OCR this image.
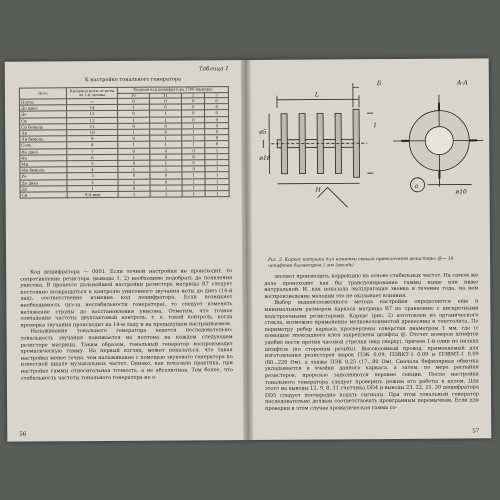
Таблица 1
К настройке тонального генератора
Нота	Интервал ноты от ноты ля 1-й октавы	Входной код дешифратора 1506 (выводы)			
		30	31	2	3
Пауза	—	0	0	0	0
До диез	14	1	0	0	0
До	15	0	1	0	0
Си	12	1	1	0	0
Си бемоль	11	0	0	1	0
Ля	10	1	0	1	0
Ля бемоль	9	0	1	1	0
Соль	8	1	1	1	0
Фа диез	7	0	0	0	1
Фа	6	1	0	0	1
Ми	5	0	1	0	1
Ми бемоль	4	1	1	0	1
Ре	3	0	0	1	1
До диез	2	1	0	1	1
До	1	0	1	1	1
Си	0-4 ннд	1	1	1	1

Код дешифратора — 0001. Если точной настройки не происходит, то сопротивление резистора (выводы 1, 2) необходимо подобрать до появления унисона. В процессе дальнейшей настройки резистора матрицы R7 следует постоянно возвращаться к контролю унисонного звучания ноты до диез (14-й лад), соответственно изменив код дешифратора. Если возникнет необходимость (из-за нестабильности генератора), то следует изменять натяжение струны до восстановления унисона. Отметим, что точное совпадение частоты двухтактовый контроль, т. е. такой контроль, когда проверка звучания происходит на 14-м ладу и на предыдущем настраиваемом.

Налаживание тонального генератора ведется последовательно: тональность звучания понижается на полтона на каждом следующем резисторе матрицы. Таким образом, тональный генератор воспроизводит хроматическую гамму. На первый взгляд, может показаться, что такая настройка менее точна, чем налаживание с помощью звукового генератора по известной шкале музыкальных частот. Однако, как показала практика, при настройке гаммы относительная точность, а не абсолютная. Тем более, что стабильность частоты тонального генератора не о-

56
А-А
Б
а
L
H
ø5
ø18
ø10
1
Рис. 2. Каркас катушки для намотки секций проволочного резистора: @— 16 штифтов диаметром 1 мм (гвоздь)

зволяет производить коррекцию на основе стабильных частот. На самом же деле происходит как бы транспонирование гаммы выше или ниже натуральной. И, как показала эксплуатация звонка в течение года, на нем воспроизведение мелодии это не оказывает влияния.

Выбор вышеизложенного метода настройки определяется еще и минимальным размером каркаса матрицы R7 по сравнению с дискретными подстроечными резисторами. Каркас (рис. 2) изготовлен из органического стекла, возможно применение мелковолокнистой древесины и текстолита. По периметру ребер каркаса просверлены отверстия диаметром 1 мм, где (с помощью эпоксидного клея закреплены штифты @. Отсчет номеров штифтов удобно вести против часовой стрелки (вид сверху), причем 1-й один из низких штифтов (по сторонам резьбы). Высокоомный провод, применяемый для изготовления резисторов марок ПЭК 0,09, ПЭВКТ-1 0,09 и ПЭВМТ-1 0,09 (80...220 Ом), а также ПЭК 0,25 (17...80 Ом). Сначала бифилярная обмотка укладывается в ячейки данного каркаса, а затем, по мере распайки резисторов, прорезью заполняются верхние секции. После настройки тонального генератора следует проверить режим его работы в целом. Для этого на выводы 12, 9, 8, 11 счетчика DD4 и выводы 23, 22, 21, 20 дешифратора DD5 следует поочередно подать сигналы. При этом тональный генератор последовательно должен соответствовать проигранным перемычкам. Если для проверки в этом случае хроматическая гамма со-

57
